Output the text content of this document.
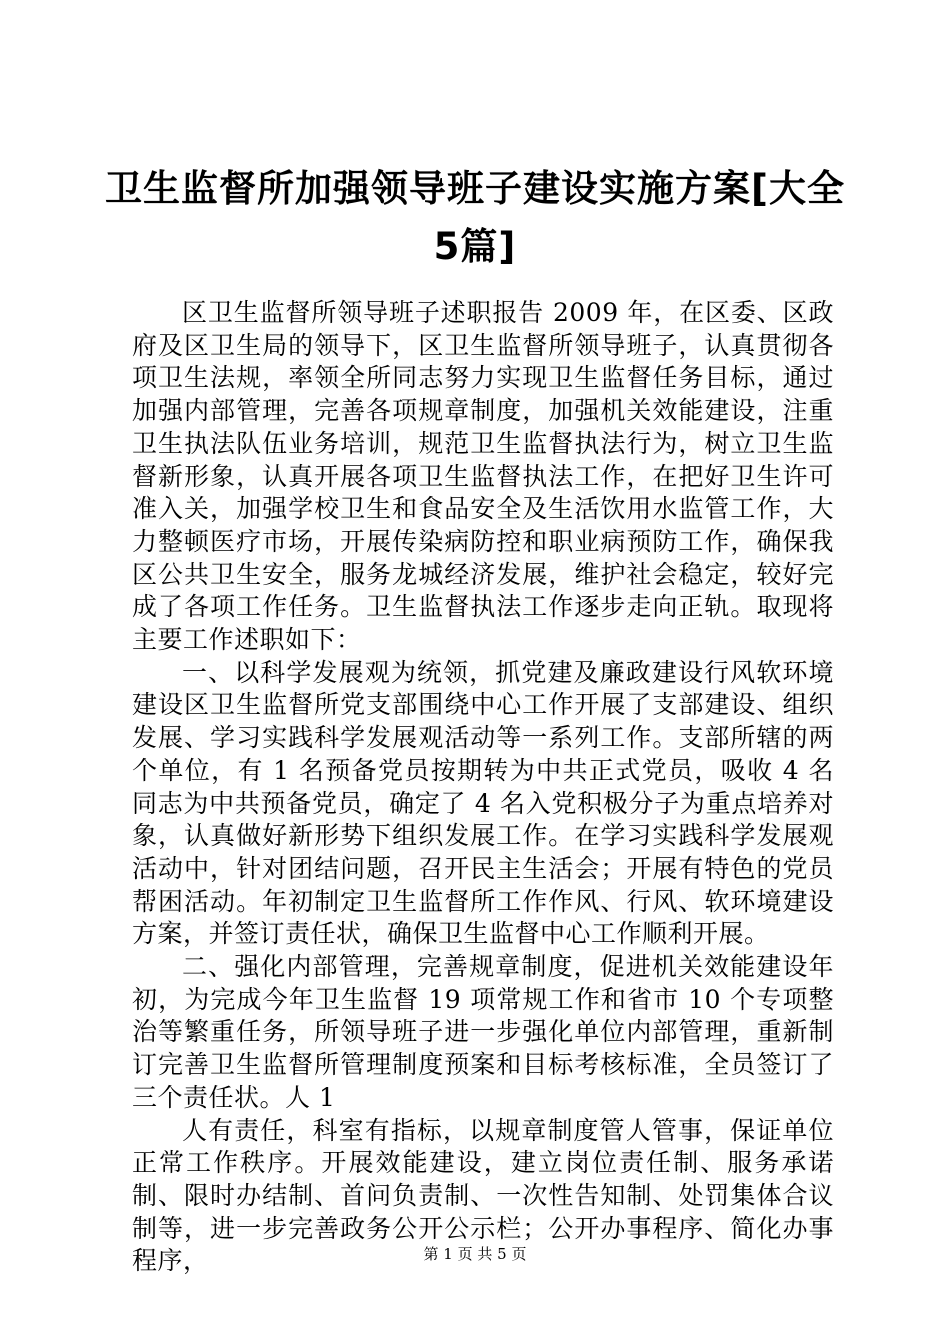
卫生监督所加强领导班子建设实施方案[大全
5篇]

区卫生监督所领导班子述职报告 2009 年，在区委、区政府及区卫生局的领导下，区卫生监督所领导班子，认真贯彻各项卫生法规，率领全所同志努力实现卫生监督任务目标，通过加强内部管理，完善各项规章制度，加强机关效能建设，注重卫生执法队伍业务培训，规范卫生监督执法行为，树立卫生监督新形象，认真开展各项卫生监督执法工作，在把好卫生许可准入关，加强学校卫生和食品安全及生活饮用水监管工作，大力整顿医疗市场，开展传染病防控和职业病预防工作，确保我区公共卫生安全，服务龙城经济发展，维护社会稳定，较好完成了各项工作任务。卫生监督执法工作逐步走向正轨。取现将主要工作述职如下：

一、以科学发展观为统领，抓党建及廉政建设行风软环境建设区卫生监督所党支部围绕中心工作开展了支部建设、组织发展、学习实践科学发展观活动等一系列工作。支部所辖的两个单位，有 1 名预备党员按期转为中共正式党员，吸收 4 名同志为中共预备党员，确定了 4 名入党积极分子为重点培养对象，认真做好新形势下组织发展工作。在学习实践科学发展观活动中，针对团结问题，召开民主生活会；开展有特色的党员帮困活动。年初制定卫生监督所工作作风、行风、软环境建设方案，并签订责任状，确保卫生监督中心工作顺利开展。

二、强化内部管理，完善规章制度，促进机关效能建设年初，为完成今年卫生监督 19 项常规工作和省市 10 个专项整治等繁重任务，所领导班子进一步强化单位内部管理，重新制订完善卫生监督所管理制度预案和目标考核标准，全员签订了三个责任状。人 1

人有责任，科室有指标，以规章制度管人管事，保证单位正常工作秩序。开展效能建设，建立岗位责任制、服务承诺制、限时办结制、首问负责制、一次性告知制、处罚集体合议制等，进一步完善政务公开公示栏；公开办事程序、简化办事程序，	第 1 页 共 5 页
